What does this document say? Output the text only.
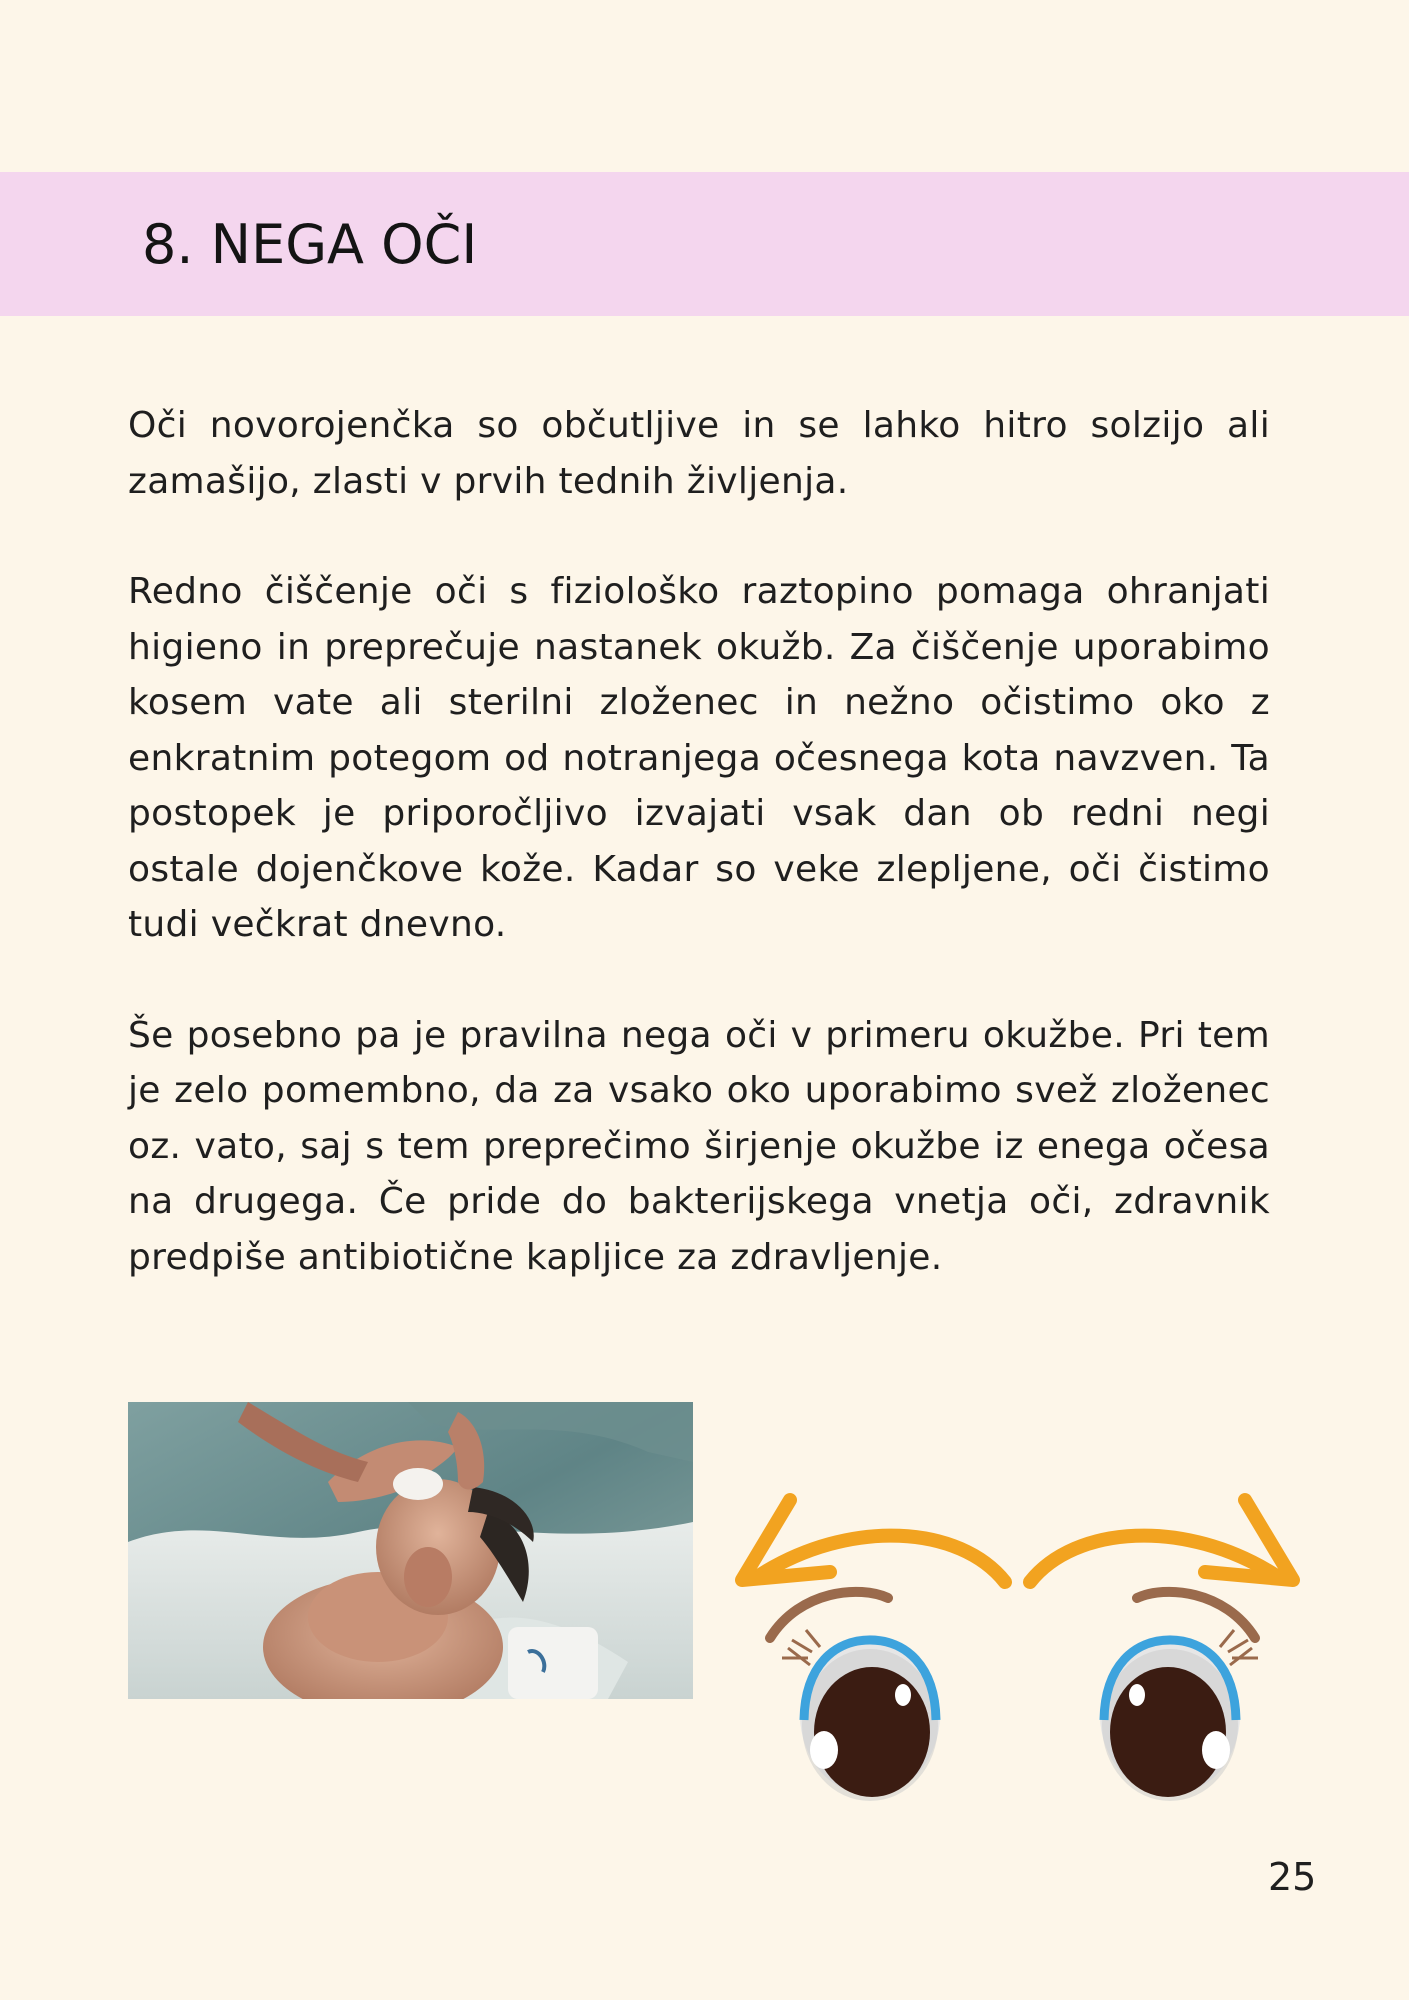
8. NEGA OČI

Oči novorojenčka so občutljive in se lahko hitro solzijo ali zamašijo, zlasti v prvih tednih življenja.

Redno čiščenje oči s fiziološko raztopino pomaga ohranjati higieno in preprečuje nastanek okužb. Za čiščenje uporabimo kosem vate ali sterilni zloženec in nežno očistimo oko z enkratnim potegom od notranjega očesnega kota navzven. Ta postopek je priporočljivo izvajati vsak dan ob redni negi ostale dojenčkove kože. Kadar so veke zlepljene, oči čistimo tudi večkrat dnevno.

Še posebno pa je pravilna nega oči v primeru okužbe. Pri tem je zelo pomembno, da za vsako oko uporabimo svež zloženec oz. vato, saj s tem preprečimo širjenje okužbe iz enega očesa na drugega. Če pride do bakterijskega vnetja oči, zdravnik predpiše antibiotične kapljice za zdravljenje.

25
